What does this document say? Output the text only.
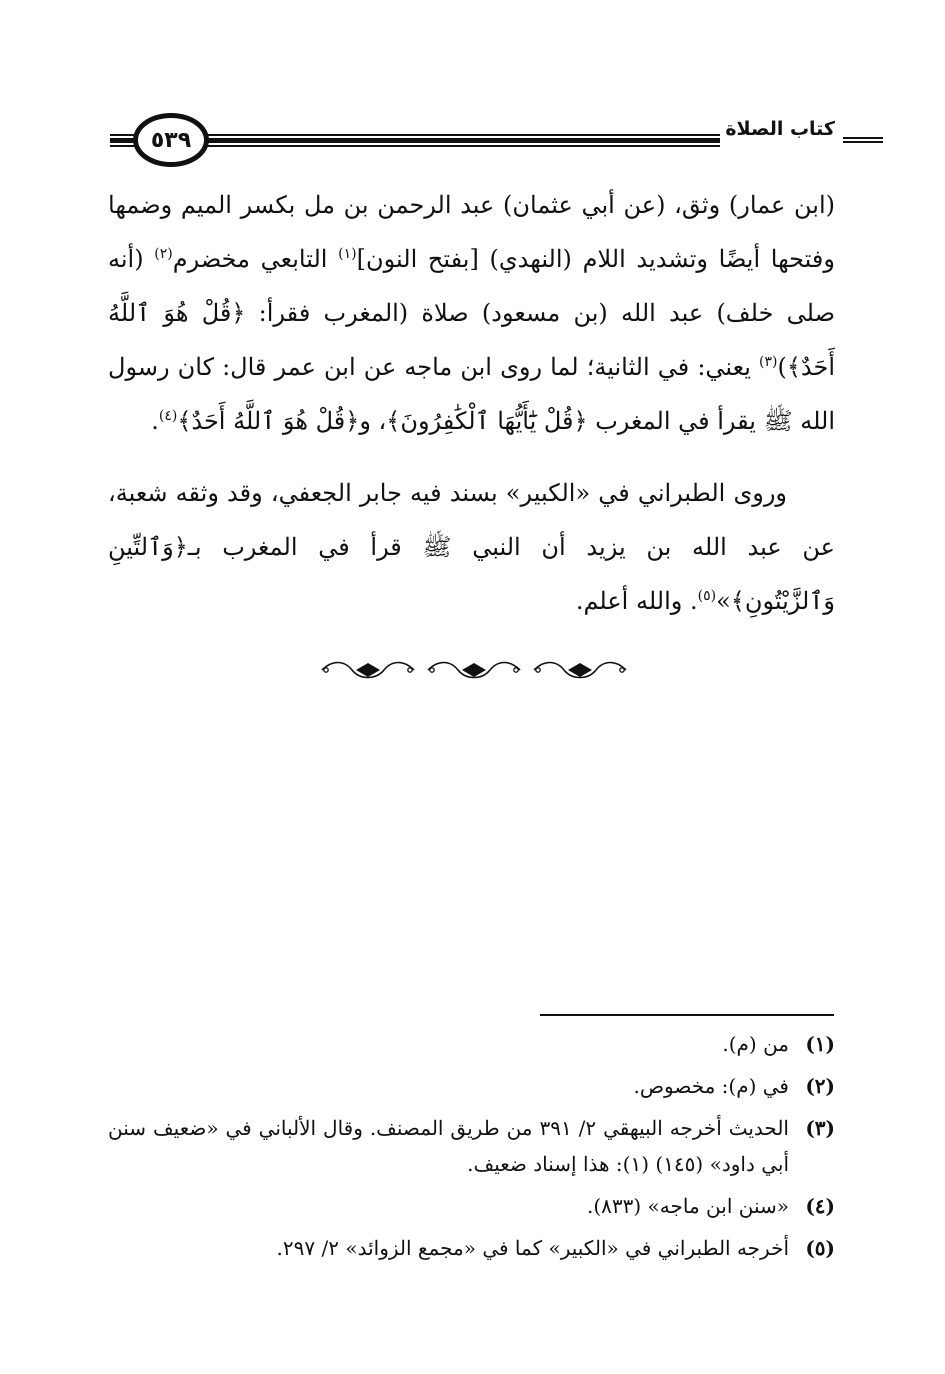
كتاب الصلاة
٥٣٩

(ابن عمار) وثق، (عن أبي عثمان) عبد الرحمن بن مل بكسر الميم وضمها وفتحها أيضًا وتشديد اللام (النهدي) [بفتح النون]$^{(١)}$ التابعي مخضرم$^{(٢)}$ (أنه صلى خلف) عبد الله (بن مسعود) صلاة (المغرب فقرأ: ﴿قُلْ هُوَ ٱللَّهُ أَحَدٌ﴾)$^{(٣)}$ يعني: في الثانية؛ لما روى ابن ماجه عن ابن عمر قال: كان رسول الله ﷺ يقرأ في المغرب ﴿قُلْ يَٰٓأَيُّهَا ٱلْكَٰفِرُونَ﴾، و﴿قُلْ هُوَ ٱللَّهُ أَحَدٌ﴾$^{(٤)}$.

وروى الطبراني في «الكبير» بسند فيه جابر الجعفي، وقد وثقه شعبة، عن عبد الله بن يزيد أن النبي ﷺ قرأ في المغرب بـ﴿وَٱلتِّينِ وَٱلزَّيْتُونِ﴾»$^{(٥)}$. والله أعلم.

(١)
من (م).
(٢)
في (م): مخصوص.
(٣)
الحديث أخرجه البيهقي ٢/ ٣٩١ من طريق المصنف. وقال الألباني في «ضعيف سنن أبي داود» (١٤٥) (١): هذا إسناد ضعيف.
(٤)
«سنن ابن ماجه» (٨٣٣).
(٥)
أخرجه الطبراني في «الكبير» كما في «مجمع الزوائد» ٢/ ٢٩٧.
